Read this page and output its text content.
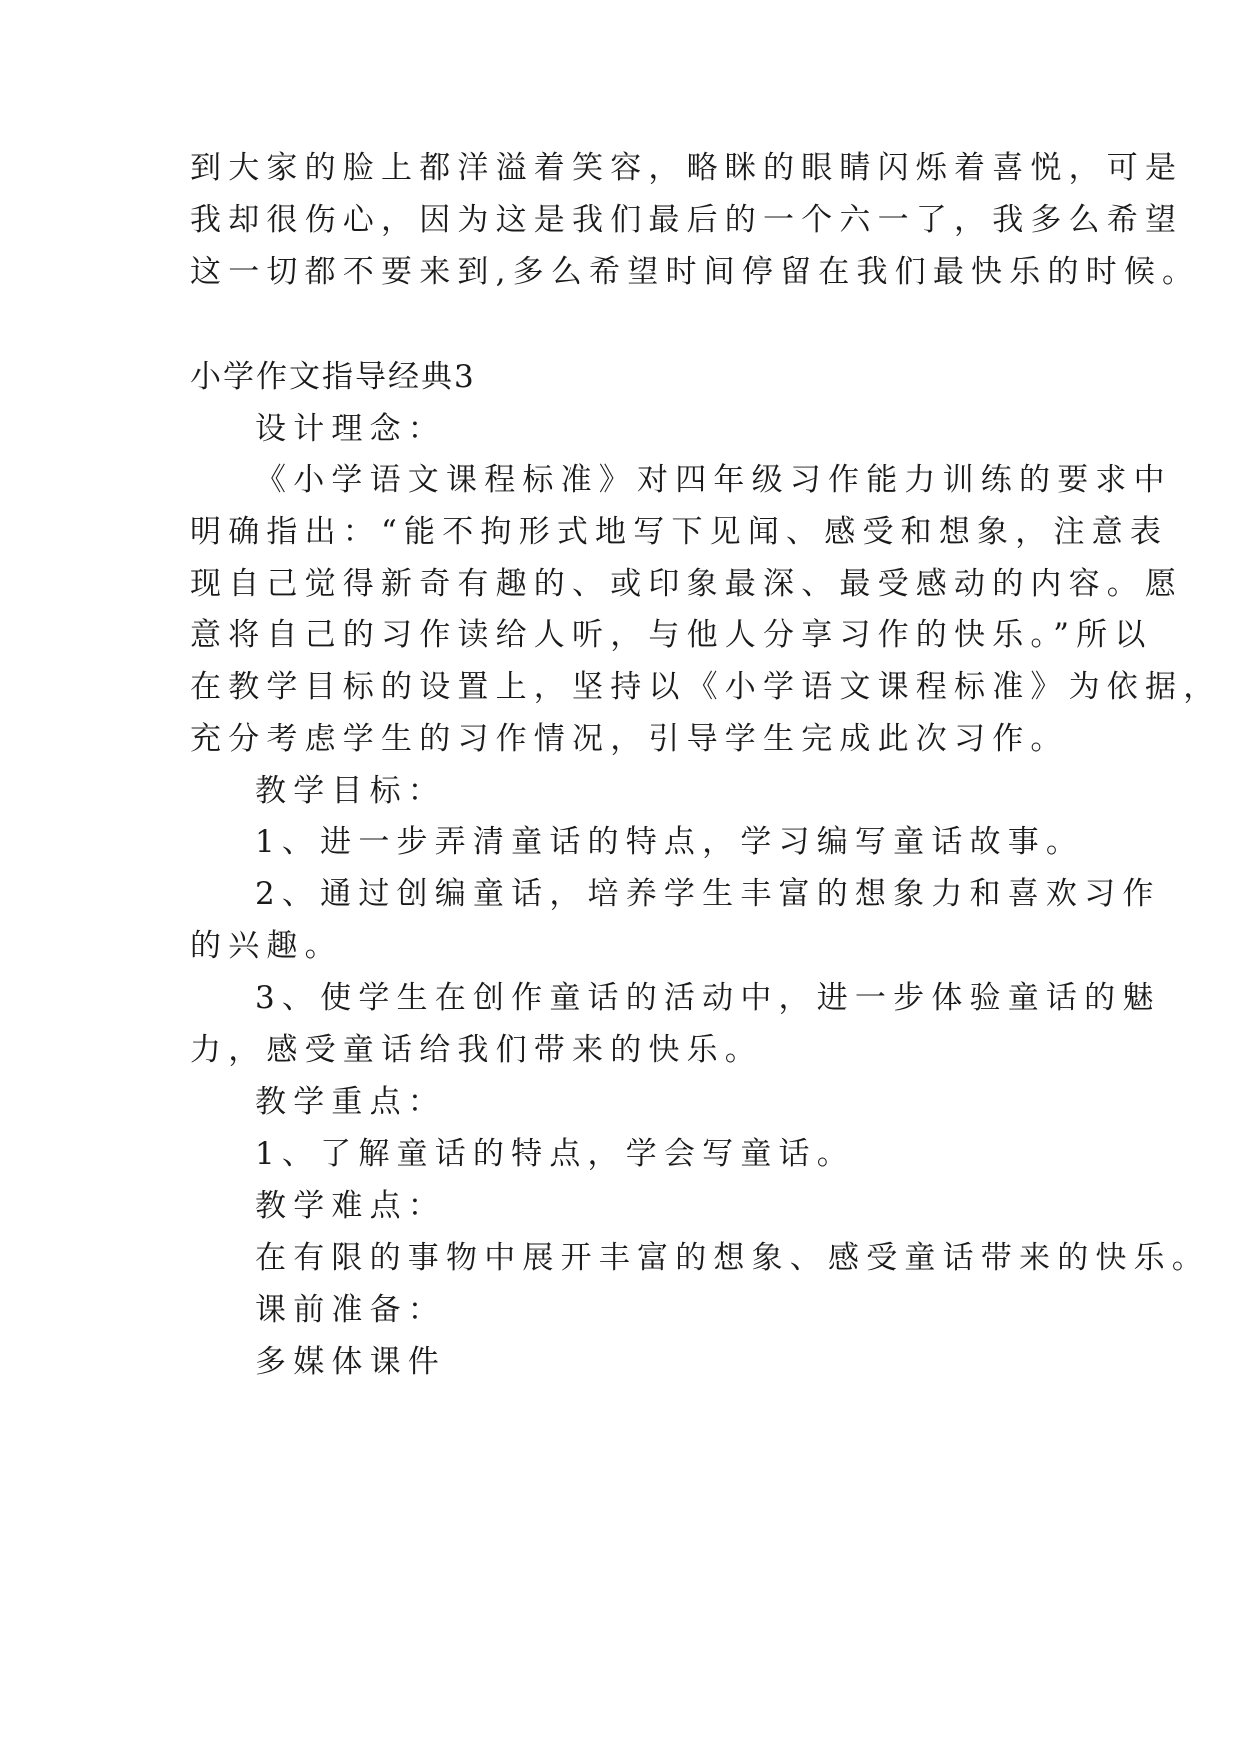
到大家的脸上都洋溢着笑容，略眯的眼睛闪烁着喜悦，可是

我却很伤心，因为这是我们最后的一个六一了，我多么希望

这一切都不要来到,多么希望时间停留在我们最快乐的时候。

小学作文指导经典3

设计理念：

《小学语文课程标准》对四年级习作能力训练的要求中

明确指出：“能不拘形式地写下见闻、感受和想象，注意表

现自己觉得新奇有趣的、或印象最深、最受感动的内容。愿

意将自己的习作读给人听，与他人分享习作的快乐。”所以

在教学目标的设置上，坚持以《小学语文课程标准》为依据，

充分考虑学生的习作情况，引导学生完成此次习作。

教学目标：

1、进一步弄清童话的特点，学习编写童话故事。

2、通过创编童话，培养学生丰富的想象力和喜欢习作

的兴趣。

3、使学生在创作童话的活动中，进一步体验童话的魅

力，感受童话给我们带来的快乐。

教学重点：

1、了解童话的特点，学会写童话。

教学难点：

在有限的事物中展开丰富的想象、感受童话带来的快乐。

课前准备：

多媒体课件
